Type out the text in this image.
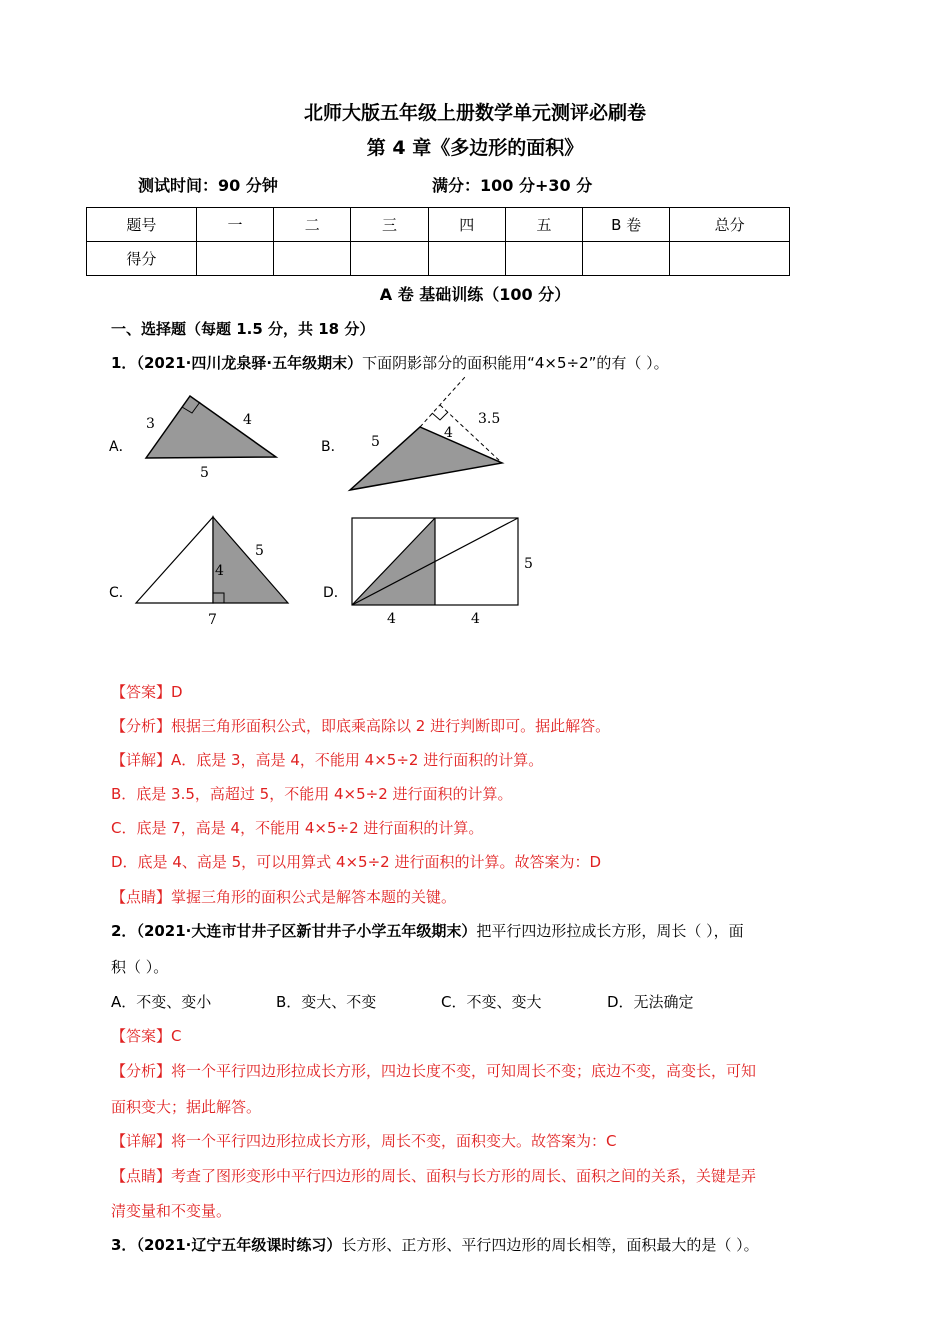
北师大版五年级上册数学单元测评必刷卷
第 4 章《多边形的面积》
测试时间：90 分钟	满分：100 分+30 分
题号	一	二	三	四	五	B 卷	总分
得分							
A 卷 基础训练（100 分）
一、选择题（每题 1.5 分，共 18 分）
1．（2021·四川龙泉驿·五年级期末）下面阴影部分的面积能用“4×5÷2”的有（ ）。
A．	B．
C．	D．
3	4
5
5
4
3.5
5
4
7
5
4	4
【答案】D
【分析】根据三角形面积公式，即底乘高除以 2 进行判断即可。据此解答。
【详解】A．底是 3，高是 4，不能用 4×5÷2 进行面积的计算。
B．底是 3.5，高超过 5，不能用 4×5÷2 进行面积的计算。
C．底是 7，高是 4，不能用 4×5÷2 进行面积的计算。
D．底是 4、高是 5，可以用算式 4×5÷2 进行面积的计算。故答案为：D
【点睛】掌握三角形的面积公式是解答本题的关键。
2．（2021·大连市甘井子区新甘井子小学五年级期末）把平行四边形拉成长方形，周长（ ），面
积（ ）。
A．不变、变小	B．变大、不变	C．不变、变大	D．无法确定
【答案】C
【分析】将一个平行四边形拉成长方形，四边长度不变，可知周长不变；底边不变，高变长，可知
面积变大；据此解答。
【详解】将一个平行四边形拉成长方形，周长不变，面积变大。故答案为：C
【点睛】考查了图形变形中平行四边形的周长、面积与长方形的周长、面积之间的关系，关键是弄
清变量和不变量。
3．（2021·辽宁五年级课时练习）长方形、正方形、平行四边形的周长相等，面积最大的是（ ）。
